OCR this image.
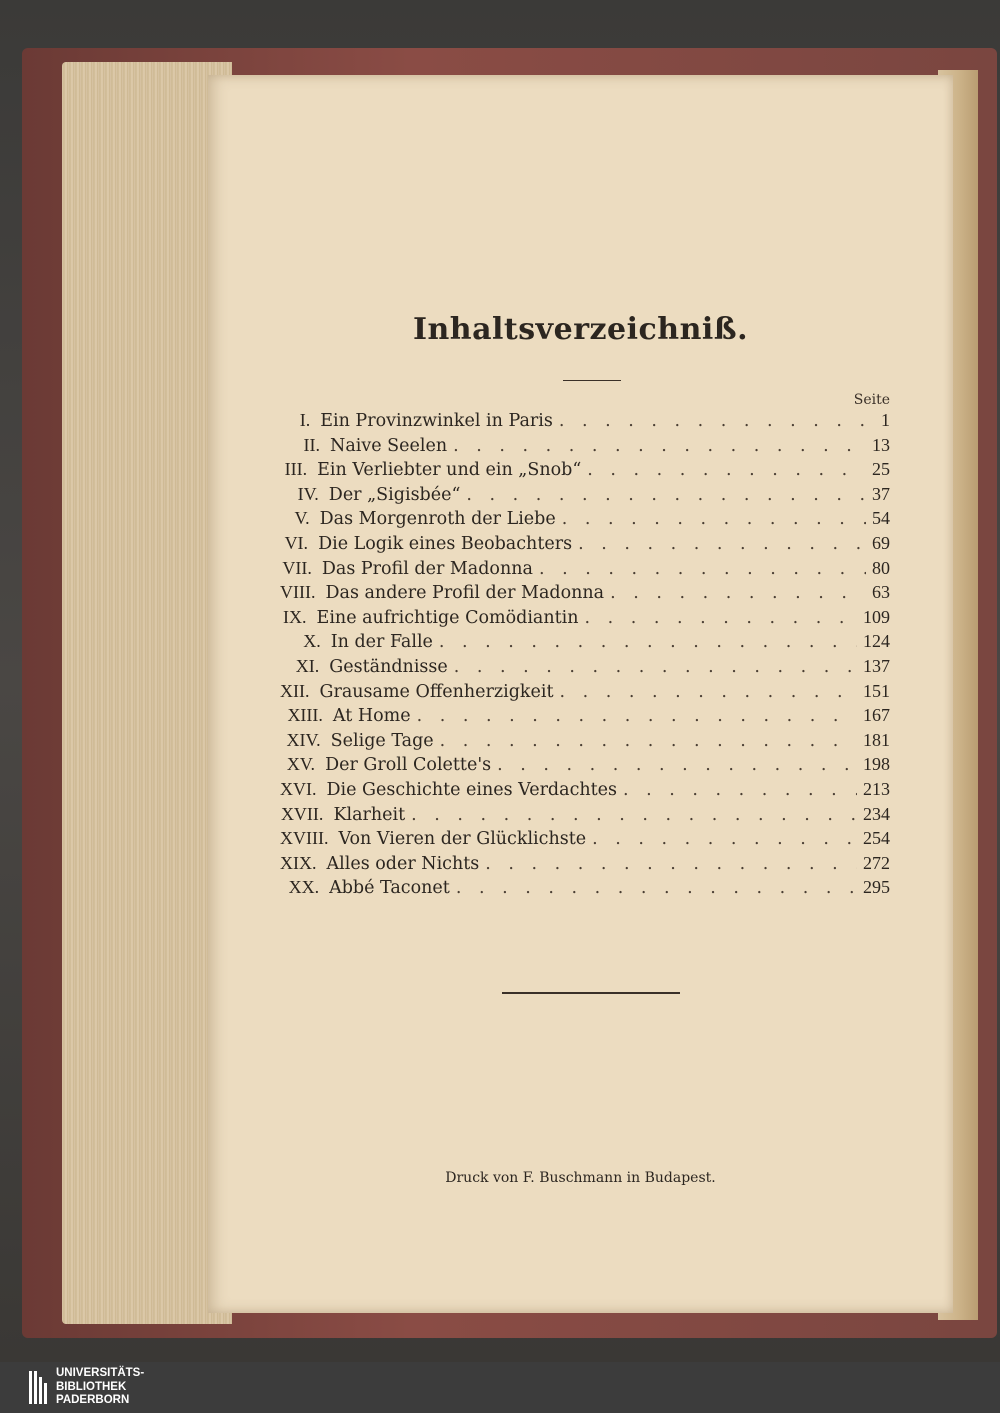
Inhaltsverzeichniß.
Seite
I. Ein Provinzwinkel in Paris . . .	1
II. Naive Seelen . . .	13
III. Ein Verliebter und ein „Snob“ . . .	25
IV. Der „Sigisbée“ . . .	37
V. Das Morgenroth der Liebe . . .	54
VI. Die Logik eines Beobachters . . .	69
VII. Das Profil der Madonna . . .	80
VIII. Das andere Profil der Madonna . . .	63
IX. Eine aufrichtige Comödiantin . . .	109
X. In der Falle . . .	124
XI. Geständnisse . . .	137
XII. Grausame Offenherzigkeit . . .	151
XIII. At Home . . .	167
XIV. Selige Tage . . .	181
XV. Der Groll Colette's . . .	198
XVI. Die Geschichte eines Verdachtes . . .	213
XVII. Klarheit . . .	234
XVIII. Von Vieren der Glücklichste . . .	254
XIX. Alles oder Nichts . . .	272
XX. Abbé Taconet . . .	295
Druck von F. Buschmann in Budapest.
UNIVERSITÄTS-
BIBLIOTHEK
PADERBORN
